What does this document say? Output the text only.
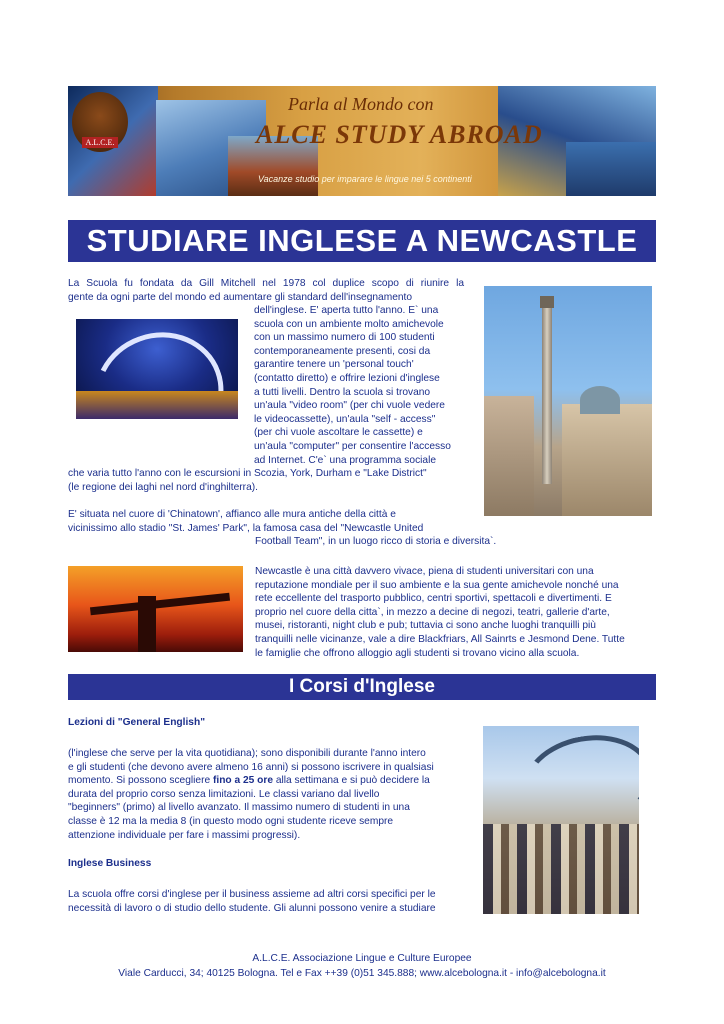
A.L.C.E.
Parla al Mondo con
ALCE STUDY ABROAD
Vacanze studio per imparare le lingue nei 5 continenti
STUDIARE INGLESE A NEWCASTLE
La Scuola fu fondata da Gill Mitchell nel 1978 col duplice scopo di riunire la
gente da ogni parte del mondo ed aumentare gli standard dell'insegnamento
dell'inglese. E' aperta tutto l'anno. E` una
scuola con un ambiente molto amichevole
con un massimo numero di 100 studenti
contemporaneamente presenti, cosi da
garantire tenere un 'personal touch'
(contatto diretto) e offrire lezioni d'inglese
a tutti livelli. Dentro la scuola si trovano
un'aula "video room" (per chi vuole vedere
le videocassette), un'aula "self - access"
(per chi vuole ascoltare le cassette) e
un'aula "computer" per consentire l'accesso
ad Internet. C'e` una programma sociale
che varia tutto l'anno con le escursioni in Scozia, York, Durham e "Lake District"
(le regione dei laghi nel nord d'inghilterra).
E' situata nel cuore di 'Chinatown', affianco alle mura antiche della città e
vicinissimo allo stadio "St. James' Park", la famosa casa del "Newcastle United
Football Team", in un luogo ricco di storia e diversita`.
Newcastle è una città davvero vivace, piena di studenti universitari con una
reputazione mondiale per il suo ambiente e la sua gente amichevole nonché una
rete eccellente del trasporto pubblico, centri sportivi, spettacoli e divertimenti. E
proprio nel cuore della citta`, in mezzo a decine di negozi, teatri, gallerie d'arte,
musei, ristoranti, night club e pub; tuttavia ci sono anche luoghi tranquilli più
tranquilli nelle vicinanze, vale a dire Blackfriars, All Sainrts e Jesmond Dene. Tutte
le famiglie che offrono alloggio agli studenti si trovano vicino alla scuola.
I Corsi d'Inglese
Lezioni di "General English"
(l'inglese che serve per la vita quotidiana); sono disponibili durante l'anno intero
e gli studenti (che devono avere almeno 16 anni) si possono iscrivere in qualsiasi
momento. Si possono scegliere fino a 25 ore alla settimana e si può decidere la
durata del proprio corso senza limitazioni. Le classi variano dal livello
"beginners" (primo) al livello avanzato. Il massimo numero di studenti in una
classe è 12 ma la media 8 (in questo modo ogni studente riceve sempre
attenzione individuale per fare i massimi progressi).
Inglese Business
La scuola offre corsi d'inglese per il business assieme ad altri corsi specifici per le
necessità di lavoro o di studio dello studente. Gli alunni possono venire a studiare
A.L.C.E. Associazione Lingue e Culture Europee
Viale Carducci, 34; 40125 Bologna. Tel e Fax ++39 (0)51 345.888; www.alcebologna.it - info@alcebologna.it
